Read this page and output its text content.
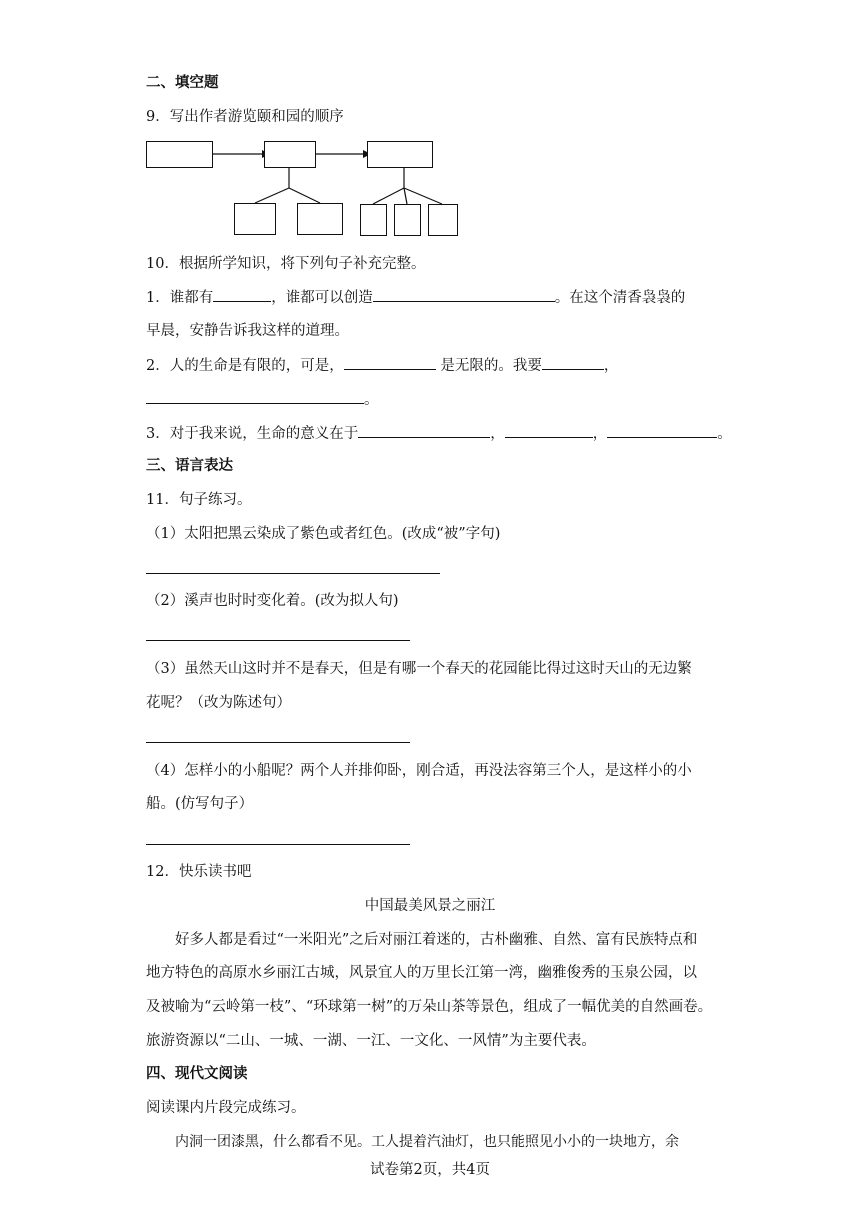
二、填空题
9．写出作者游览颐和园的顺序
10．根据所学知识，将下列句子补充完整。
1．谁都有	，谁都可以创造	。在这个清香袅袅的
早晨，安静告诉我这样的道理。
2．人的生命是有限的，可是，	是无限的。我要	，
。
3．对于我来说，生命的意义在于	，	，	。
三、语言表达
11．句子练习。
（1）太阳把黑云染成了紫色或者红色。(改成“被”字句)
（2）溪声也时时变化着。(改为拟人句)
（3）虽然天山这时并不是春天，但是有哪一个春天的花园能比得过这时天山的无边繁
花呢？（改为陈述句）
（4）怎样小的小船呢？两个人并排仰卧，刚合适，再没法容第三个人，是这样小的小
船。(仿写句子）
12．快乐读书吧
中国最美风景之丽江
好多人都是看过“一米阳光”之后对丽江着迷的，古朴幽雅、自然、富有民族特点和
地方特色的高原水乡丽江古城，风景宜人的万里长江第一湾，幽雅俊秀的玉泉公园，以
及被喻为“云岭第一枝”、“环球第一树”的万朵山茶等景色，组成了一幅优美的自然画卷。
旅游资源以“二山、一城、一湖、一江、一文化、一风情”为主要代表。
四、现代文阅读
阅读课内片段完成练习。
内洞一团漆黑，什么都看不见。工人提着汽油灯，也只能照见小小的一块地方，余
试卷第2页，共4页
